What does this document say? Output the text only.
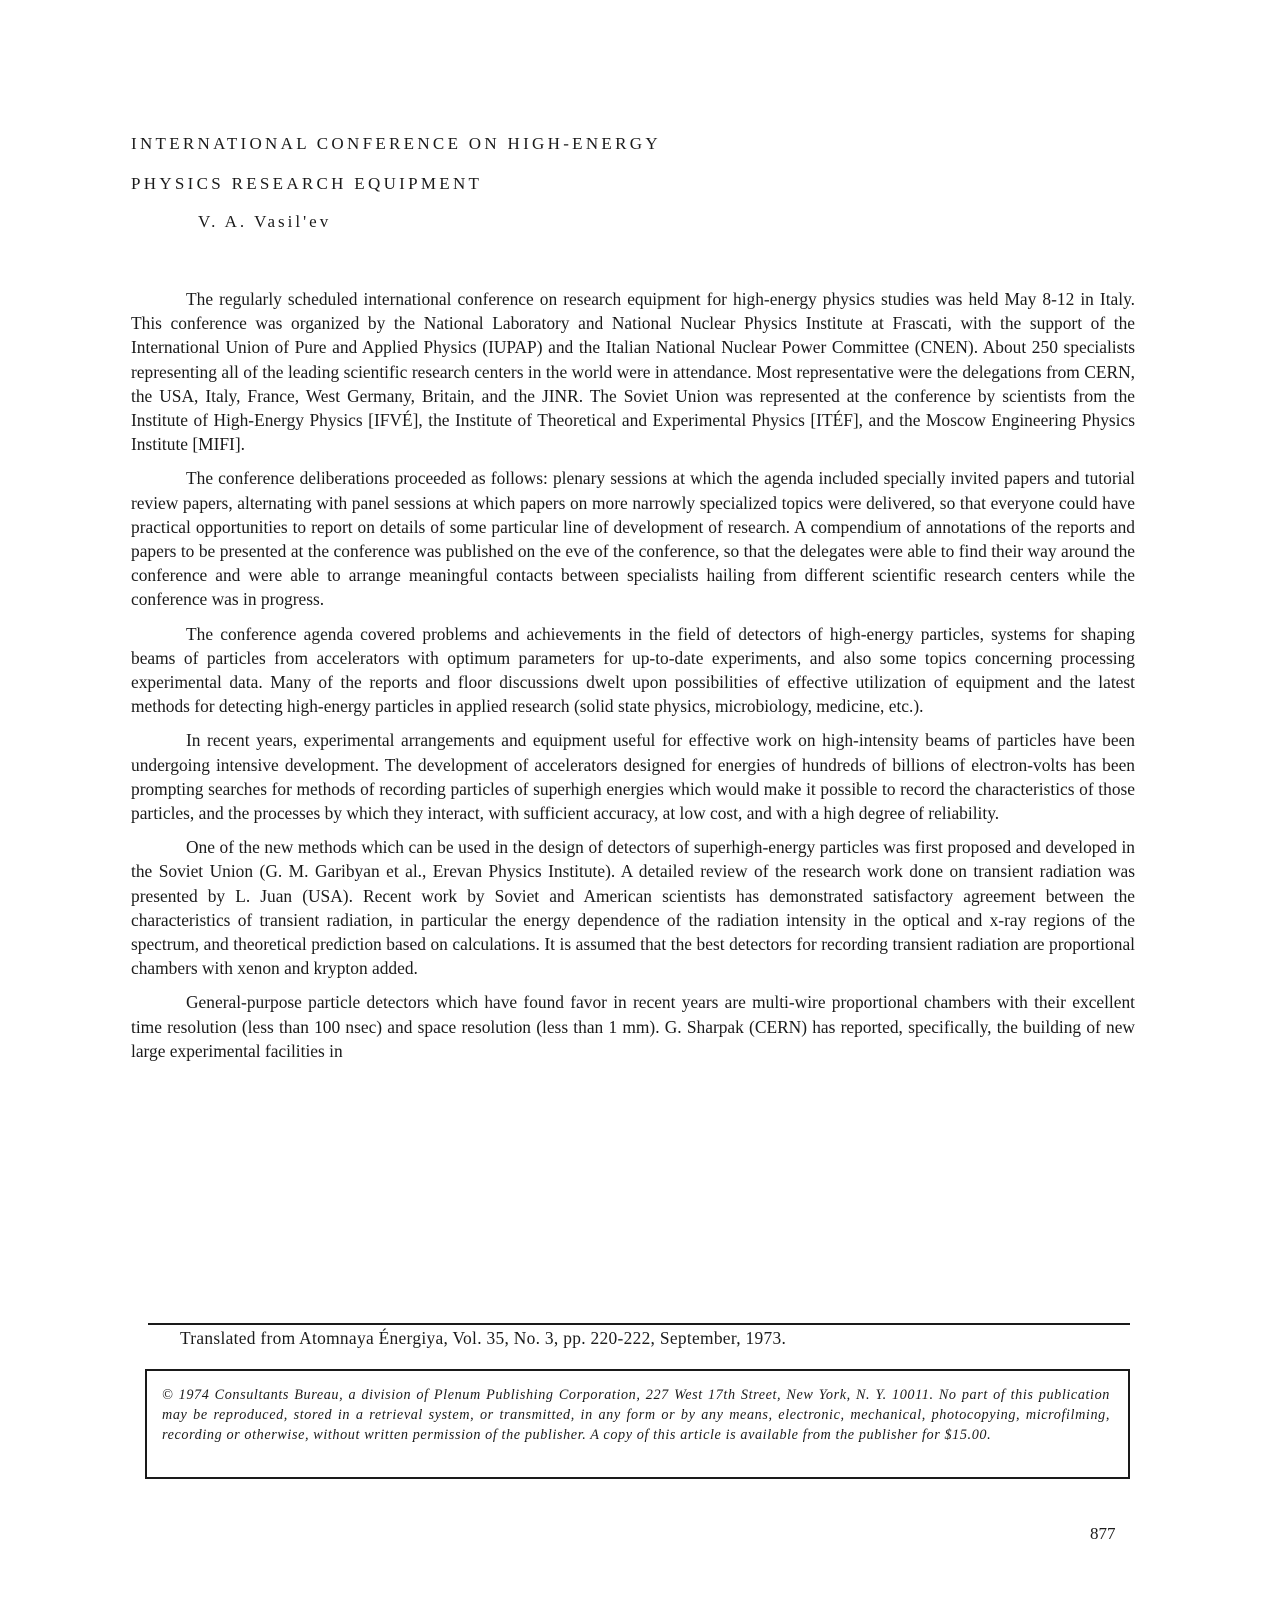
INTERNATIONAL CONFERENCE ON HIGH-ENERGY
PHYSICS RESEARCH EQUIPMENT

V. A. Vasil'ev

The regularly scheduled international conference on research equipment for high-energy physics studies was held May 8-12 in Italy. This conference was organized by the National Laboratory and National Nuclear Physics Institute at Frascati, with the support of the International Union of Pure and Applied Physics (IUPAP) and the Italian National Nuclear Power Committee (CNEN). About 250 specialists representing all of the leading scientific research centers in the world were in attendance. Most representative were the delegations from CERN, the USA, Italy, France, West Germany, Britain, and the JINR. The Soviet Union was represented at the conference by scientists from the Institute of High-Energy Physics [IFVÉ], the Institute of Theoretical and Experimental Physics [ITÉF], and the Moscow Engineering Physics Institute [MIFI].

The conference deliberations proceeded as follows: plenary sessions at which the agenda included specially invited papers and tutorial review papers, alternating with panel sessions at which papers on more narrowly specialized topics were delivered, so that everyone could have practical opportunities to report on details of some particular line of development of research. A compendium of annotations of the reports and papers to be presented at the conference was published on the eve of the conference, so that the delegates were able to find their way around the conference and were able to arrange meaningful contacts between specialists hailing from different scientific research centers while the conference was in progress.

The conference agenda covered problems and achievements in the field of detectors of high-energy particles, systems for shaping beams of particles from accelerators with optimum parameters for up-to-date experiments, and also some topics concerning processing experimental data. Many of the reports and floor discussions dwelt upon possibilities of effective utilization of equipment and the latest methods for detecting high-energy particles in applied research (solid state physics, microbiology, medicine, etc.).

In recent years, experimental arrangements and equipment useful for effective work on high-intensity beams of particles have been undergoing intensive development. The development of accelerators designed for energies of hundreds of billions of electron-volts has been prompting searches for methods of recording particles of superhigh energies which would make it possible to record the characteristics of those particles, and the processes by which they interact, with sufficient accuracy, at low cost, and with a high degree of reliability.

One of the new methods which can be used in the design of detectors of superhigh-energy particles was first proposed and developed in the Soviet Union (G. M. Garibyan et al., Erevan Physics Institute). A detailed review of the research work done on transient radiation was presented by L. Juan (USA). Recent work by Soviet and American scientists has demonstrated satisfactory agreement between the characteristics of transient radiation, in particular the energy dependence of the radiation intensity in the optical and x-ray regions of the spectrum, and theoretical prediction based on calculations. It is assumed that the best detectors for recording transient radiation are proportional chambers with xenon and krypton added.

General-purpose particle detectors which have found favor in recent years are multi-wire proportional chambers with their excellent time resolution (less than 100 nsec) and space resolution (less than 1 mm). G. Sharpak (CERN) has reported, specifically, the building of new large experimental facilities in

Translated from Atomnaya Énergiya, Vol. 35, No. 3, pp. 220-222, September, 1973.

© 1974 Consultants Bureau, a division of Plenum Publishing Corporation, 227 West 17th Street, New York, N. Y. 10011. No part of this publication may be reproduced, stored in a retrieval system, or transmitted, in any form or by any means, electronic, mechanical, photocopying, microfilming, recording or otherwise, without written permission of the publisher. A copy of this article is available from the publisher for $15.00.

877
